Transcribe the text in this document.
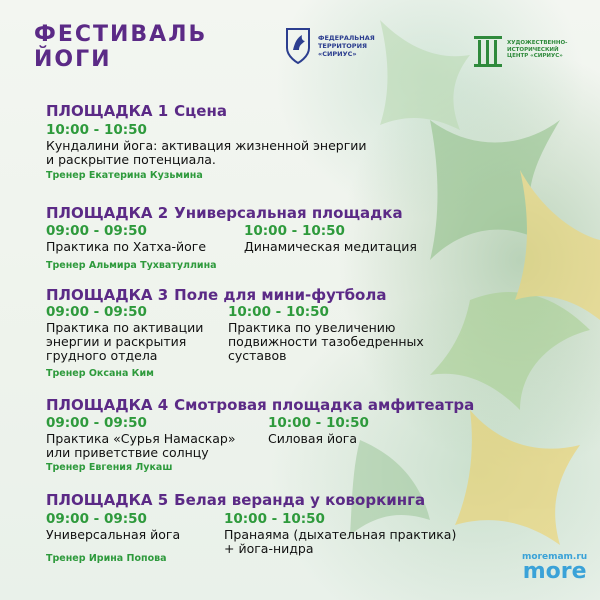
ФЕСТИВАЛЬ
ЙОГИ
ФЕДЕРАЛЬНАЯ
ТЕРРИТОРИЯ
«СИРИУС»
ХУДОЖЕСТВЕННО-
ИСТОРИЧЕСКИЙ
ЦЕНТР «СИРИУС»

ПЛОЩАДКА 1 Сцена

10:00 - 10:50
Кундалини йога: активация жизненной энергии
и раскрытие потенциала.
Тренер Екатерина Кузьмина

ПЛОЩАДКА 2 Универсальная площадка

09:00 - 09:50
Практика по Хатха-йоге
10:00 - 10:50
Динамическая медитация
Тренер Альмира Тухватуллина

ПЛОЩАДКА 3 Поле для мини-футбола

09:00 - 09:50
Практика по активации
энергии и раскрытия
грудного отдела
10:00 - 10:50
Практика по увеличению
подвижности тазобедренных
суставов
Тренер Оксана Ким

ПЛОЩАДКА 4 Смотровая площадка амфитеатра

09:00 - 09:50
Практика «Сурья Намаскар»
или приветствие солнцу
10:00 - 10:50
Силовая йога
Тренер Евгения Лукаш

ПЛОЩАДКА 5 Белая веранда у коворкинга

09:00 - 09:50
Универсальная йога
10:00 - 10:50
Пранаяма (дыхательная практика)
+ йога-нидра
Тренер Ирина Попова	moremam.ru
more
